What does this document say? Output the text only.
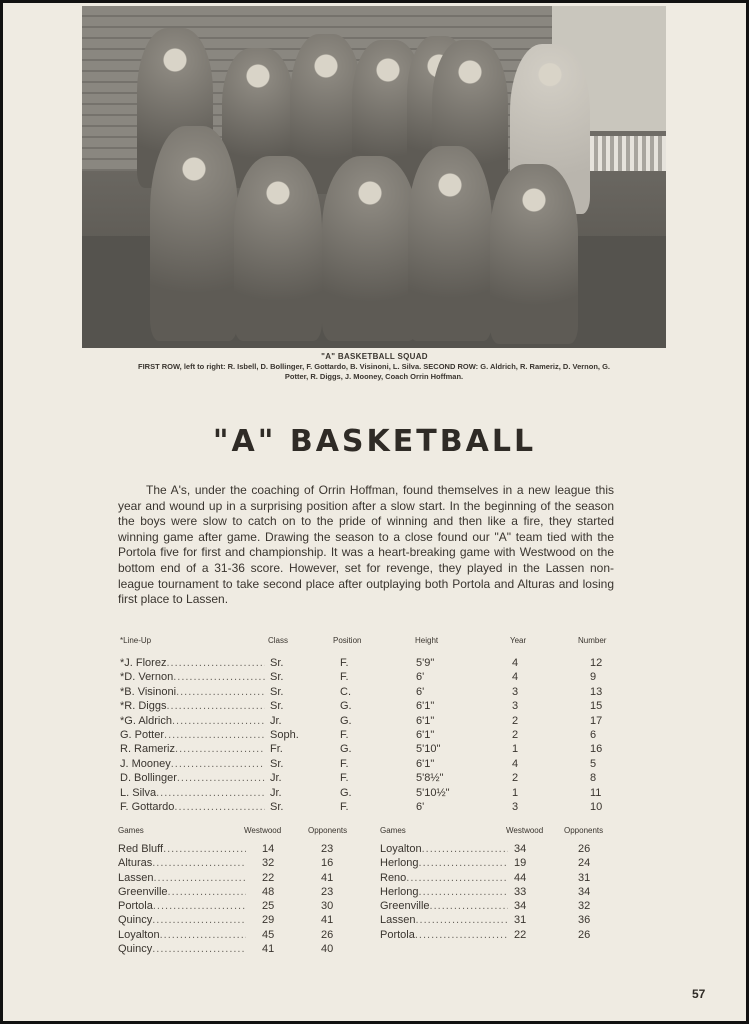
"A" BASKETBALL SQUAD
FIRST ROW, left to right: R. Isbell, D. Bollinger, F. Gottardo, B. Visinoni, L. Silva. SECOND ROW: G. Aldrich, R. Rameriz, D. Vernon, G. Potter, R. Diggs, J. Mooney, Coach Orrin Hoffman.
"A" BASKETBALL

The A's, under the coaching of Orrin Hoffman, found themselves in a new league this year and wound up in a surprising position after a slow start. In the beginning of the season the boys were slow to catch on to the pride of winning and then like a fire, they started winning game after game. Drawing the season to a close found our "A" team tied with the Portola five for first and championship. It was a heart-breaking game with Westwood on the bottom end of a 31-36 score. However, set for revenge, they played in the Lassen non-league tournament to take second place after outplaying both Portola and Alturas and losing first place to Lassen.

*Line-Up	Class	Position	Height	Year	Number
*J. Florez .....	Sr.	F.	5'9"	4	12
*D. Vernon .....	Sr.	F.	6'	4	9
*B. Visinoni .....	Sr.	C.	6'	3	13
*R. Diggs .....	Sr.	G.	6'1"	3	15
*G. Aldrich .....	Jr.	G.	6'1"	2	17
G. Potter .....	Soph.	F.	6'1"	2	6
R. Rameriz .....	Fr.	G.	5'10"	1	16
J. Mooney .....	Sr.	F.	6'1"	4	5
D. Bollinger .....	Jr.	F.	5'8½"	2	8
L. Silva .....	Jr.	G.	5'10½"	1	11
F. Gottardo .....	Sr.	F.	6'	3	10
Games	Westwood	Opponents
Red Bluff .....	14	23
Alturas .....	32	16
Lassen .....	22	41
Greenville .....	48	23
Portola .....	25	30
Quincy .....	29	41
Loyalton .....	45	26
Quincy .....	41	40
Games	Westwood	Opponents
Loyalton .....	34	26
Herlong .....	19	24
Reno .....	44	31
Herlong .....	33	34
Greenville .....	34	32
Lassen .....	31	36
Portola .....	22	26
57
